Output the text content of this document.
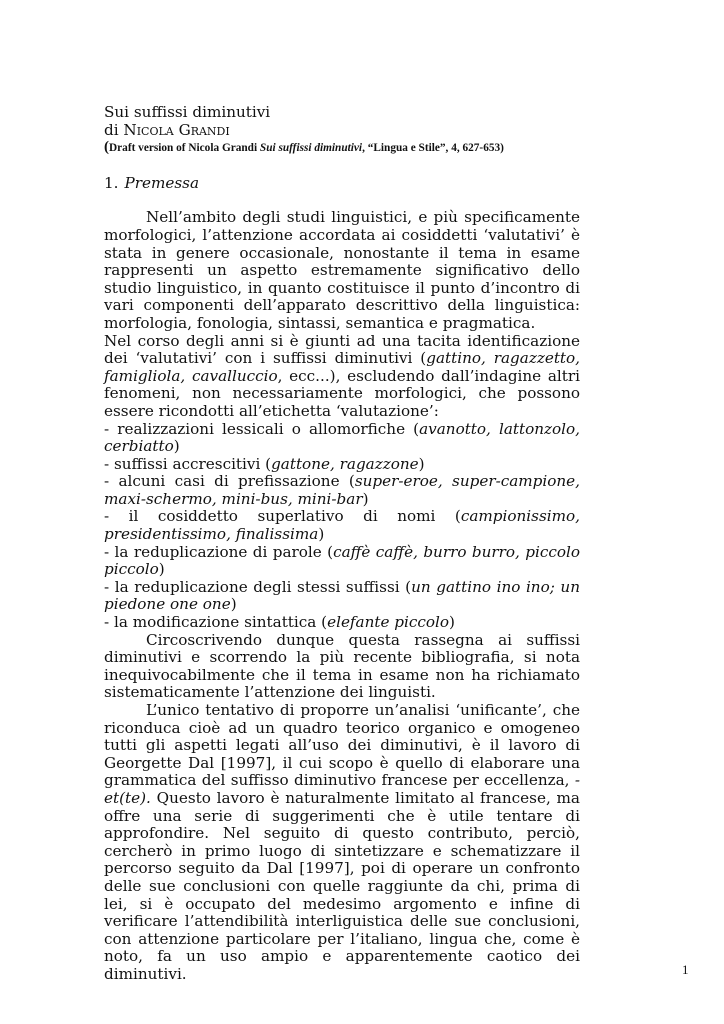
Sui suffissi diminutivi
di Nicola Grandi
(Draft version of Nicola Grandi Sui suffissi diminutivi, “Lingua e Stile”, 4, 627-653)
1. Premessa

Nell’ambito degli studi linguistici, e più specificamente morfologici, l’attenzione accordata ai cosiddetti ‘valutativi’ è stata in genere occasionale, nonostante il tema in esame rappresenti un aspetto estremamente significativo dello studio linguistico, in quanto costituisce il punto d’incontro di vari componenti dell’apparato descrittivo della linguistica: morfologia, fonologia, sintassi, semantica e pragmatica.

Nel corso degli anni si è giunti ad una tacita identificazione dei ‘valutativi’ con i suffissi diminutivi (gattino, ragazzetto, famigliola, cavalluccio, ecc...), escludendo dall’indagine altri fenomeni, non necessariamente morfologici, che possono essere ricondotti all’etichetta ‘valutazione’:

- realizzazioni lessicali o allomorfiche (avanotto, lattonzolo, cerbiatto)

- suffissi accrescitivi (gattone, ragazzone)

- alcuni casi di prefissazione (super-eroe, super-campione, maxi-schermo, mini-bus, mini-bar)

- il cosiddetto superlativo di nomi (campionissimo, presidentissimo, finalissima)

- la reduplicazione di parole (caffè caffè, burro burro, piccolo piccolo)

- la reduplicazione degli stessi suffissi (un gattino ino ino; un piedone one one)

- la modificazione sintattica (elefante piccolo)

Circoscrivendo dunque questa rassegna ai suffissi diminutivi e scorrendo la più recente bibliografia, si nota inequivocabilmente che il tema in esame non ha richiamato sistematicamente l’attenzione dei linguisti.

L’unico tentativo di proporre un’analisi ‘unificante’, che riconduca cioè ad un quadro teorico organico e omogeneo tutti gli aspetti legati all’uso dei diminutivi, è il lavoro di Georgette Dal [1997], il cui scopo è quello di elaborare una grammatica del suffisso diminutivo francese per eccellenza, -et(te). Questo lavoro è naturalmente limitato al francese, ma offre una serie di suggerimenti che è utile tentare di approfondire. Nel seguito di questo contributo, perciò, cercherò in primo luogo di sintetizzare e schematizzare il percorso seguito da Dal [1997], poi di operare un confronto delle sue conclusioni con quelle raggiunte da chi, prima di lei, si è occupato del medesimo argomento e infine di verificare l’attendibilità interliguistica delle sue conclusioni, con attenzione particolare per l’italiano, lingua che, come è noto, fa un uso ampio e apparentemente caotico dei diminutivi.	1
